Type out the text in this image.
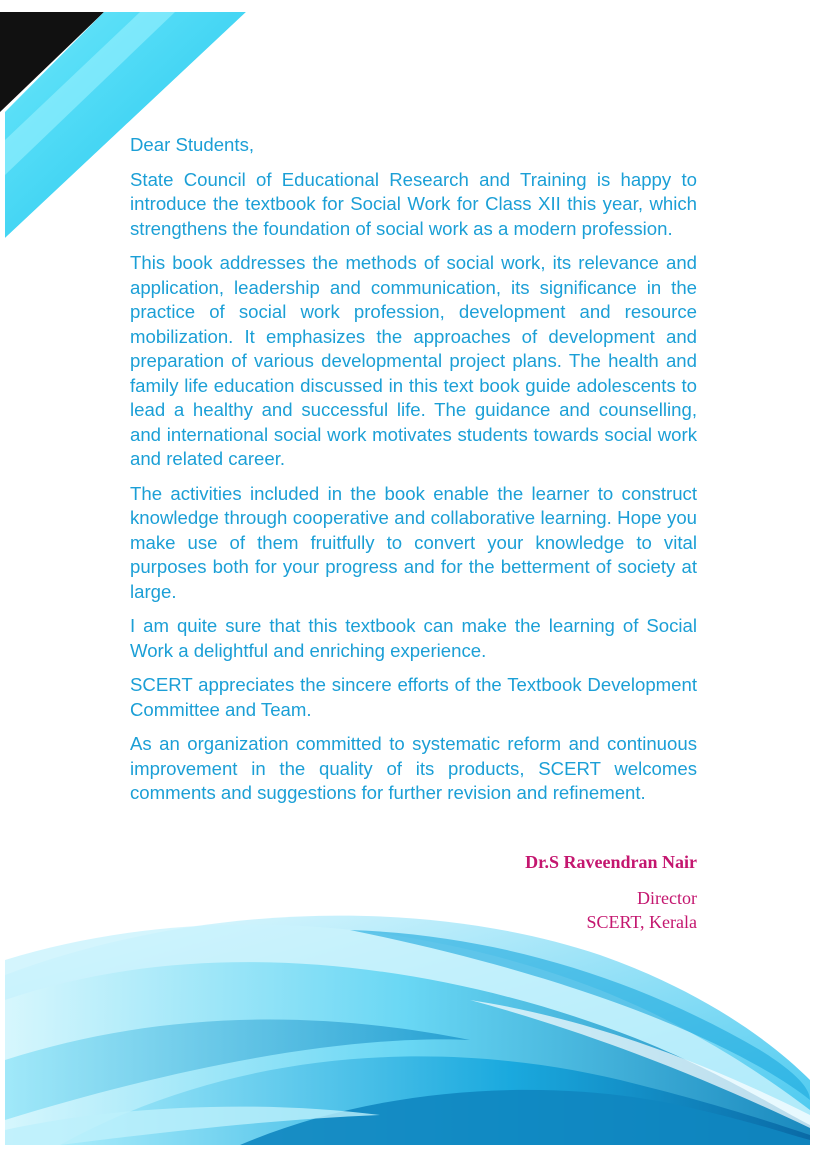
Dear Students,

State Council of Educational Research and Training is happy to introduce the textbook for Social Work for Class XII this year, which strengthens the foundation of social work as a modern profession.

This book addresses the methods of social work, its relevance and application, leadership and communication, its significance in the practice of social work profession, development and resource mobilization. It emphasizes the approaches of development and preparation of various developmental project plans. The health and family life education discussed in this text book guide adolescents to lead a healthy and successful life. The guidance and counselling, and international social work motivates students towards social work and related career.

The activities included in the book enable the learner to construct knowledge through cooperative and collaborative learning. Hope you make use of them fruitfully to convert your knowledge to vital purposes both for your progress and for the betterment of society at large.

I am quite sure that this textbook can make the learning of Social Work a delightful and enriching experience.

SCERT appreciates the sincere efforts of the Textbook Development Committee and Team.

As an organization committed to systematic reform and continuous improvement in the quality of its products, SCERT welcomes comments and suggestions for further revision and refinement.

Dr.S Raveendran Nair
Director
SCERT, Kerala
